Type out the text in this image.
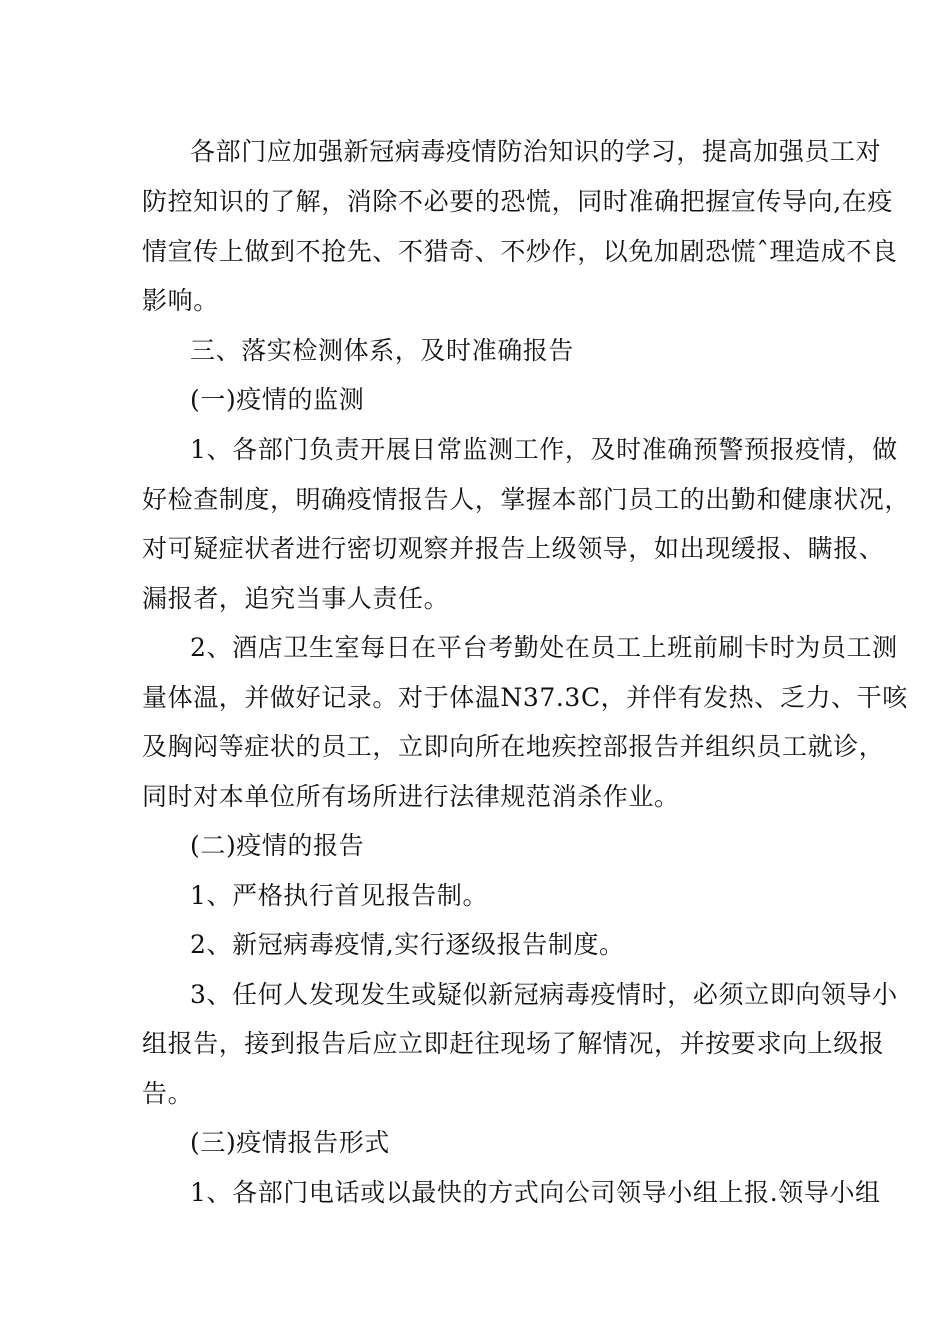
各部门应加强新冠病毒疫情防治知识的学习，提高加强员工对
防控知识的了解，消除不必要的恐慌，同时准确把握宣传导向,在疫
情宣传上做到不抢先、不猎奇、不炒作，以免加剧恐慌ˆ理造成不良
影响。
三、落实检测体系，及时准确报告
(一)疫情的监测
1、各部门负责开展日常监测工作，及时准确预警预报疫情，做
好检查制度，明确疫情报告人，掌握本部门员工的出勤和健康状况，
对可疑症状者进行密切观察并报告上级领导，如出现缓报、瞒报、
漏报者，追究当事人责任。
2、酒店卫生室每日在平台考勤处在员工上班前刷卡时为员工测
量体温，并做好记录。对于体温N37.3C，并伴有发热、乏力、干咳
及胸闷等症状的员工，立即向所在地疾控部报告并组织员工就诊，
同时对本单位所有场所进行法律规范消杀作业。
(二)疫情的报告
1、严格执行首见报告制。
2、新冠病毒疫情,实行逐级报告制度。
3、任何人发现发生或疑似新冠病毒疫情时，必须立即向领导小
组报告，接到报告后应立即赶往现场了解情况，并按要求向上级报
告。
(三)疫情报告形式
1、各部门电话或以最快的方式向公司领导小组上报.领导小组
